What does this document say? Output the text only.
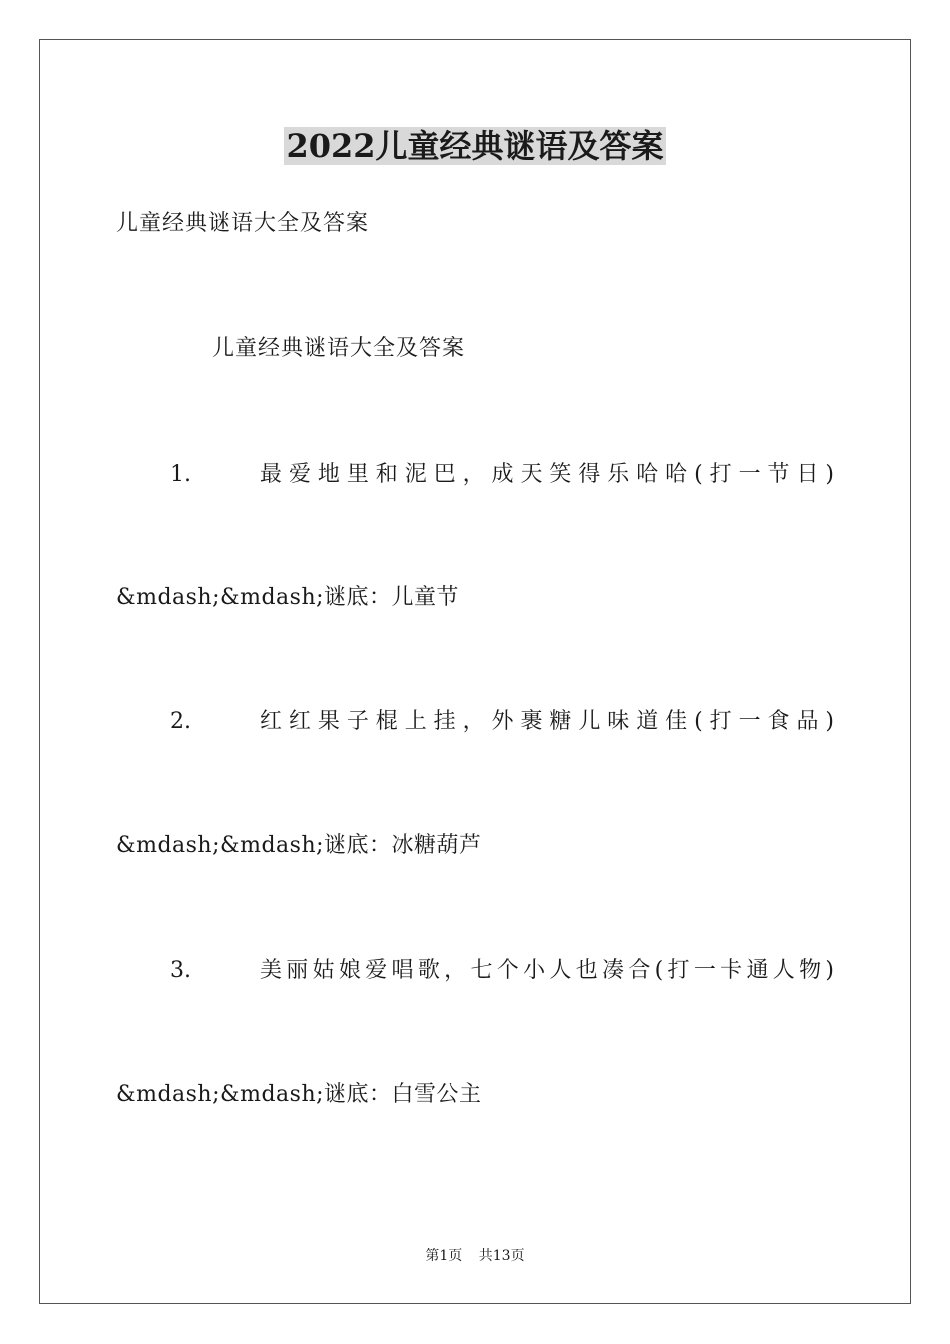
2022儿童经典谜语及答案
儿童经典谜语大全及答案
儿童经典谜语大全及答案
1.	最爱地里和泥巴，成天笑得乐哈哈(打一节日)
&mdash;&mdash;谜底：儿童节
2.	红红果子棍上挂，外裹糖儿味道佳(打一食品)
&mdash;&mdash;谜底：冰糖葫芦
3.	美丽姑娘爱唱歌，七个小人也凑合(打一卡通人物)
&mdash;&mdash;谜底：白雪公主
第1页 共13页
